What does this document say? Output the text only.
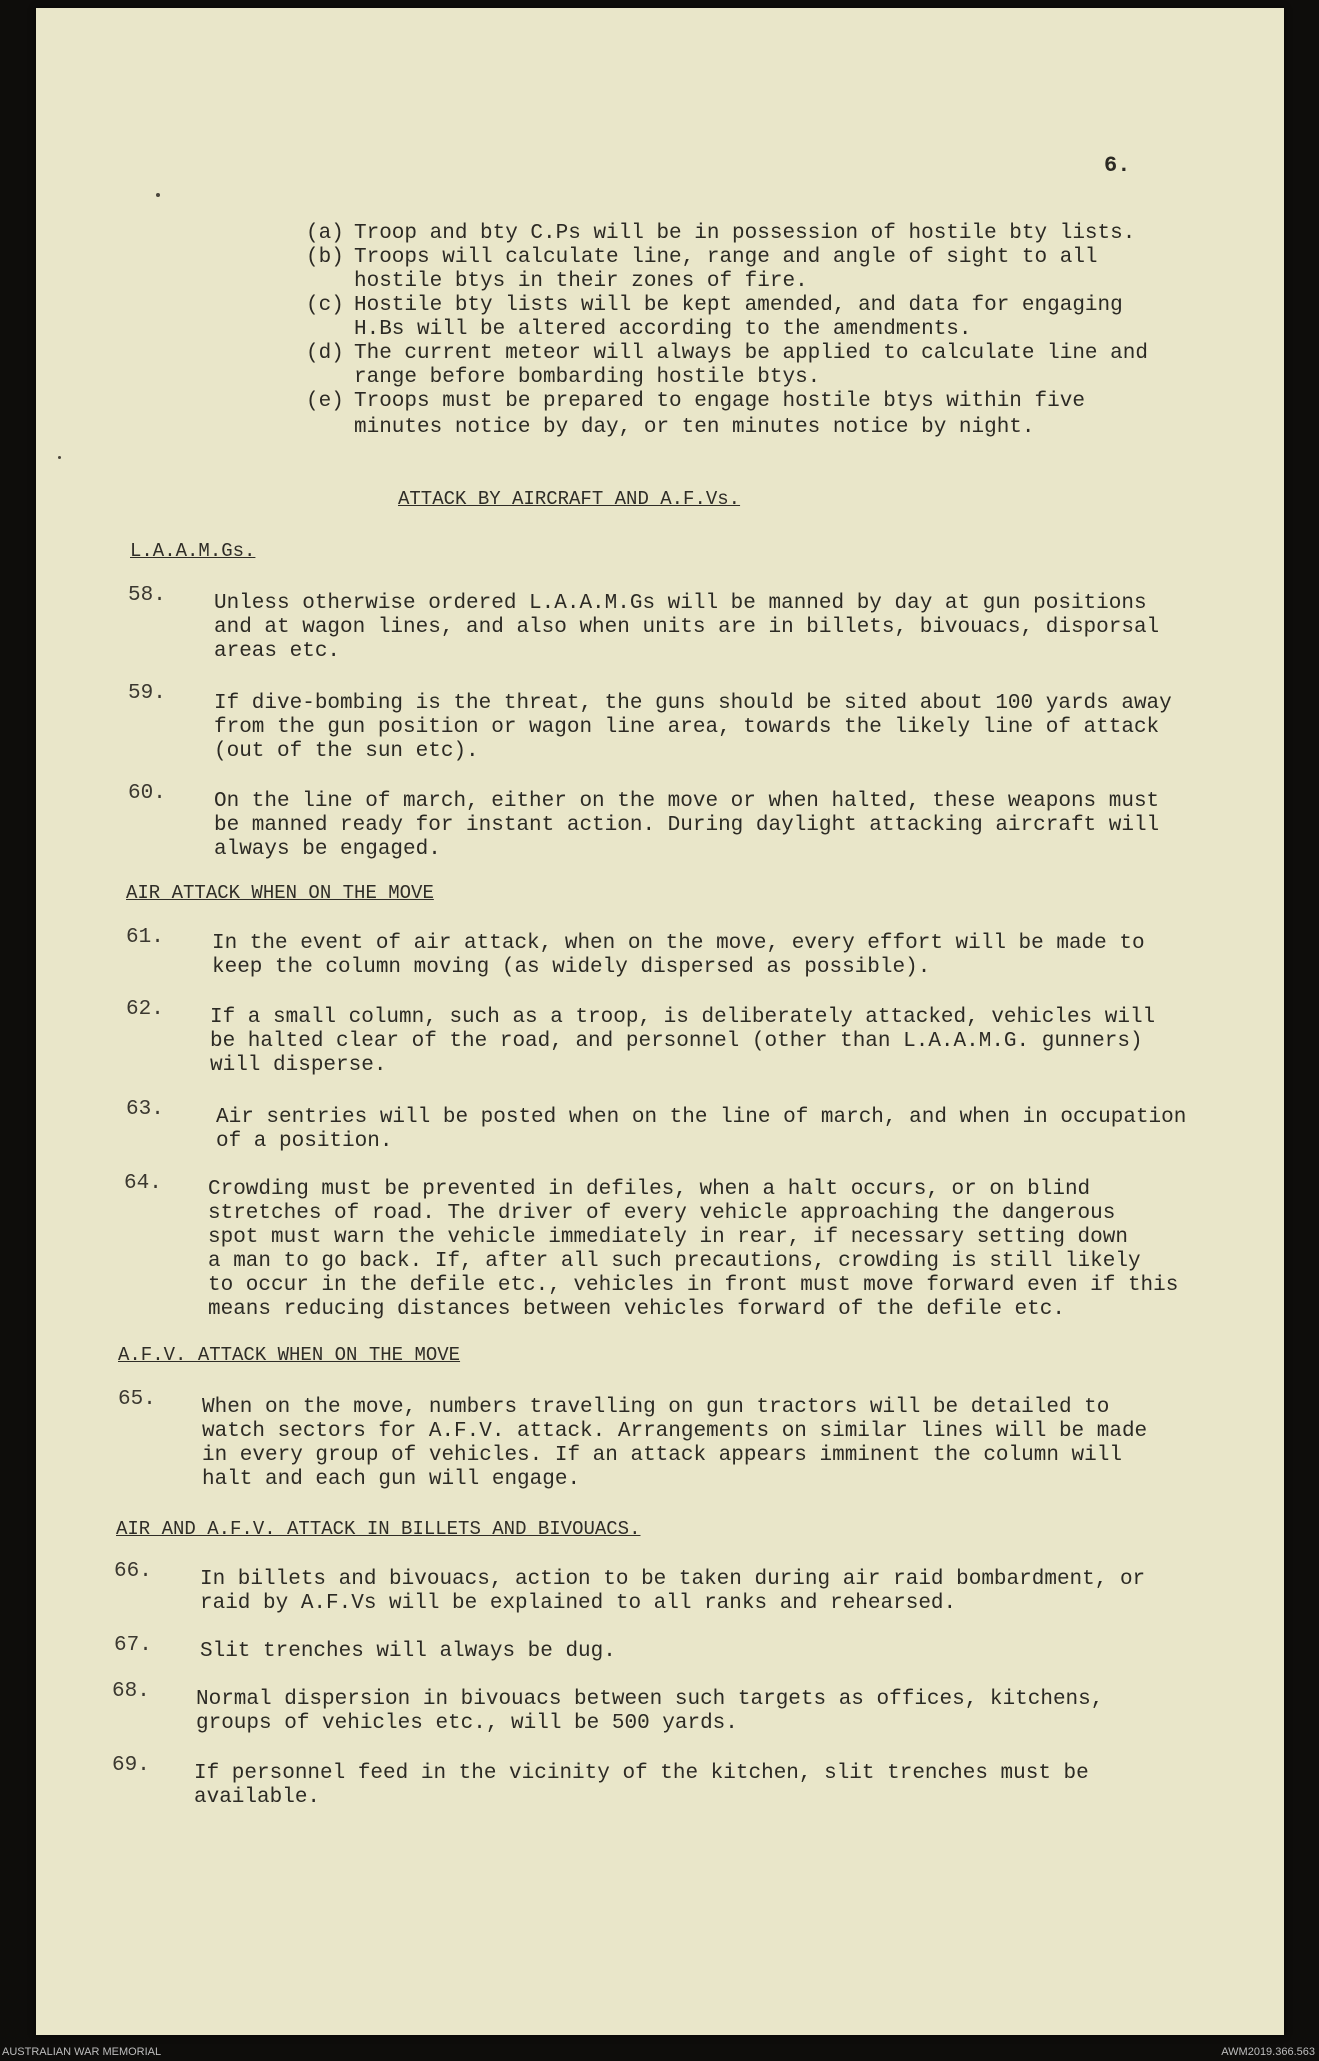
6.
(a) Troop and bty C.Ps will be in possession of hostile bty lists.
(b) Troops will calculate line, range and angle of sight to all
hostile btys in their zones of fire.
(c) Hostile bty lists will be kept amended, and data for engaging
H.Bs will be altered according to the amendments.
(d) The current meteor will always be applied to calculate line and
range before bombarding hostile btys.
(e) Troops must be prepared to engage hostile btys within five
minutes notice by day, or ten minutes notice by night.
ATTACK BY AIRCRAFT AND A.F.Vs.
L.A.A.M.Gs.
58. Unless otherwise ordered L.A.A.M.Gs will be manned by day at gun positions
and at wagon lines, and also when units are in billets, bivouacs, disporsal
areas etc.
59. If dive-bombing is the threat, the guns should be sited about 100 yards away
from the gun position or wagon line area, towards the likely line of attack
(out of the sun etc).
60. On the line of march, either on the move or when halted, these weapons must
be manned ready for instant action. During daylight attacking aircraft will
always be engaged.
AIR ATTACK WHEN ON THE MOVE
61. In the event of air attack, when on the move, every effort will be made to
keep the column moving (as widely dispersed as possible).
62. If a small column, such as a troop, is deliberately attacked, vehicles will
be halted clear of the road, and personnel (other than L.A.A.M.G. gunners)
will disperse.
63. Air sentries will be posted when on the line of march, and when in occupation
of a position.
64. Crowding must be prevented in defiles, when a halt occurs, or on blind
stretches of road. The driver of every vehicle approaching the dangerous
spot must warn the vehicle immediately in rear, if necessary setting down
a man to go back. If, after all such precautions, crowding is still likely
to occur in the defile etc., vehicles in front must move forward even if this
means reducing distances between vehicles forward of the defile etc.
A.F.V. ATTACK WHEN ON THE MOVE
65. When on the move, numbers travelling on gun tractors will be detailed to
watch sectors for A.F.V. attack. Arrangements on similar lines will be made
in every group of vehicles. If an attack appears imminent the column will
halt and each gun will engage.
AIR AND A.F.V. ATTACK IN BILLETS AND BIVOUACS.
66. In billets and bivouacs, action to be taken during air raid bombardment, or
raid by A.F.Vs will be explained to all ranks and rehearsed.
67. Slit trenches will always be dug.
68. Normal dispersion in bivouacs between such targets as offices, kitchens,
groups of vehicles etc., will be 500 yards.
69. If personnel feed in the vicinity of the kitchen, slit trenches must be
available.
AUSTRALIAN WAR MEMORIAL	AWM2019.366.563
